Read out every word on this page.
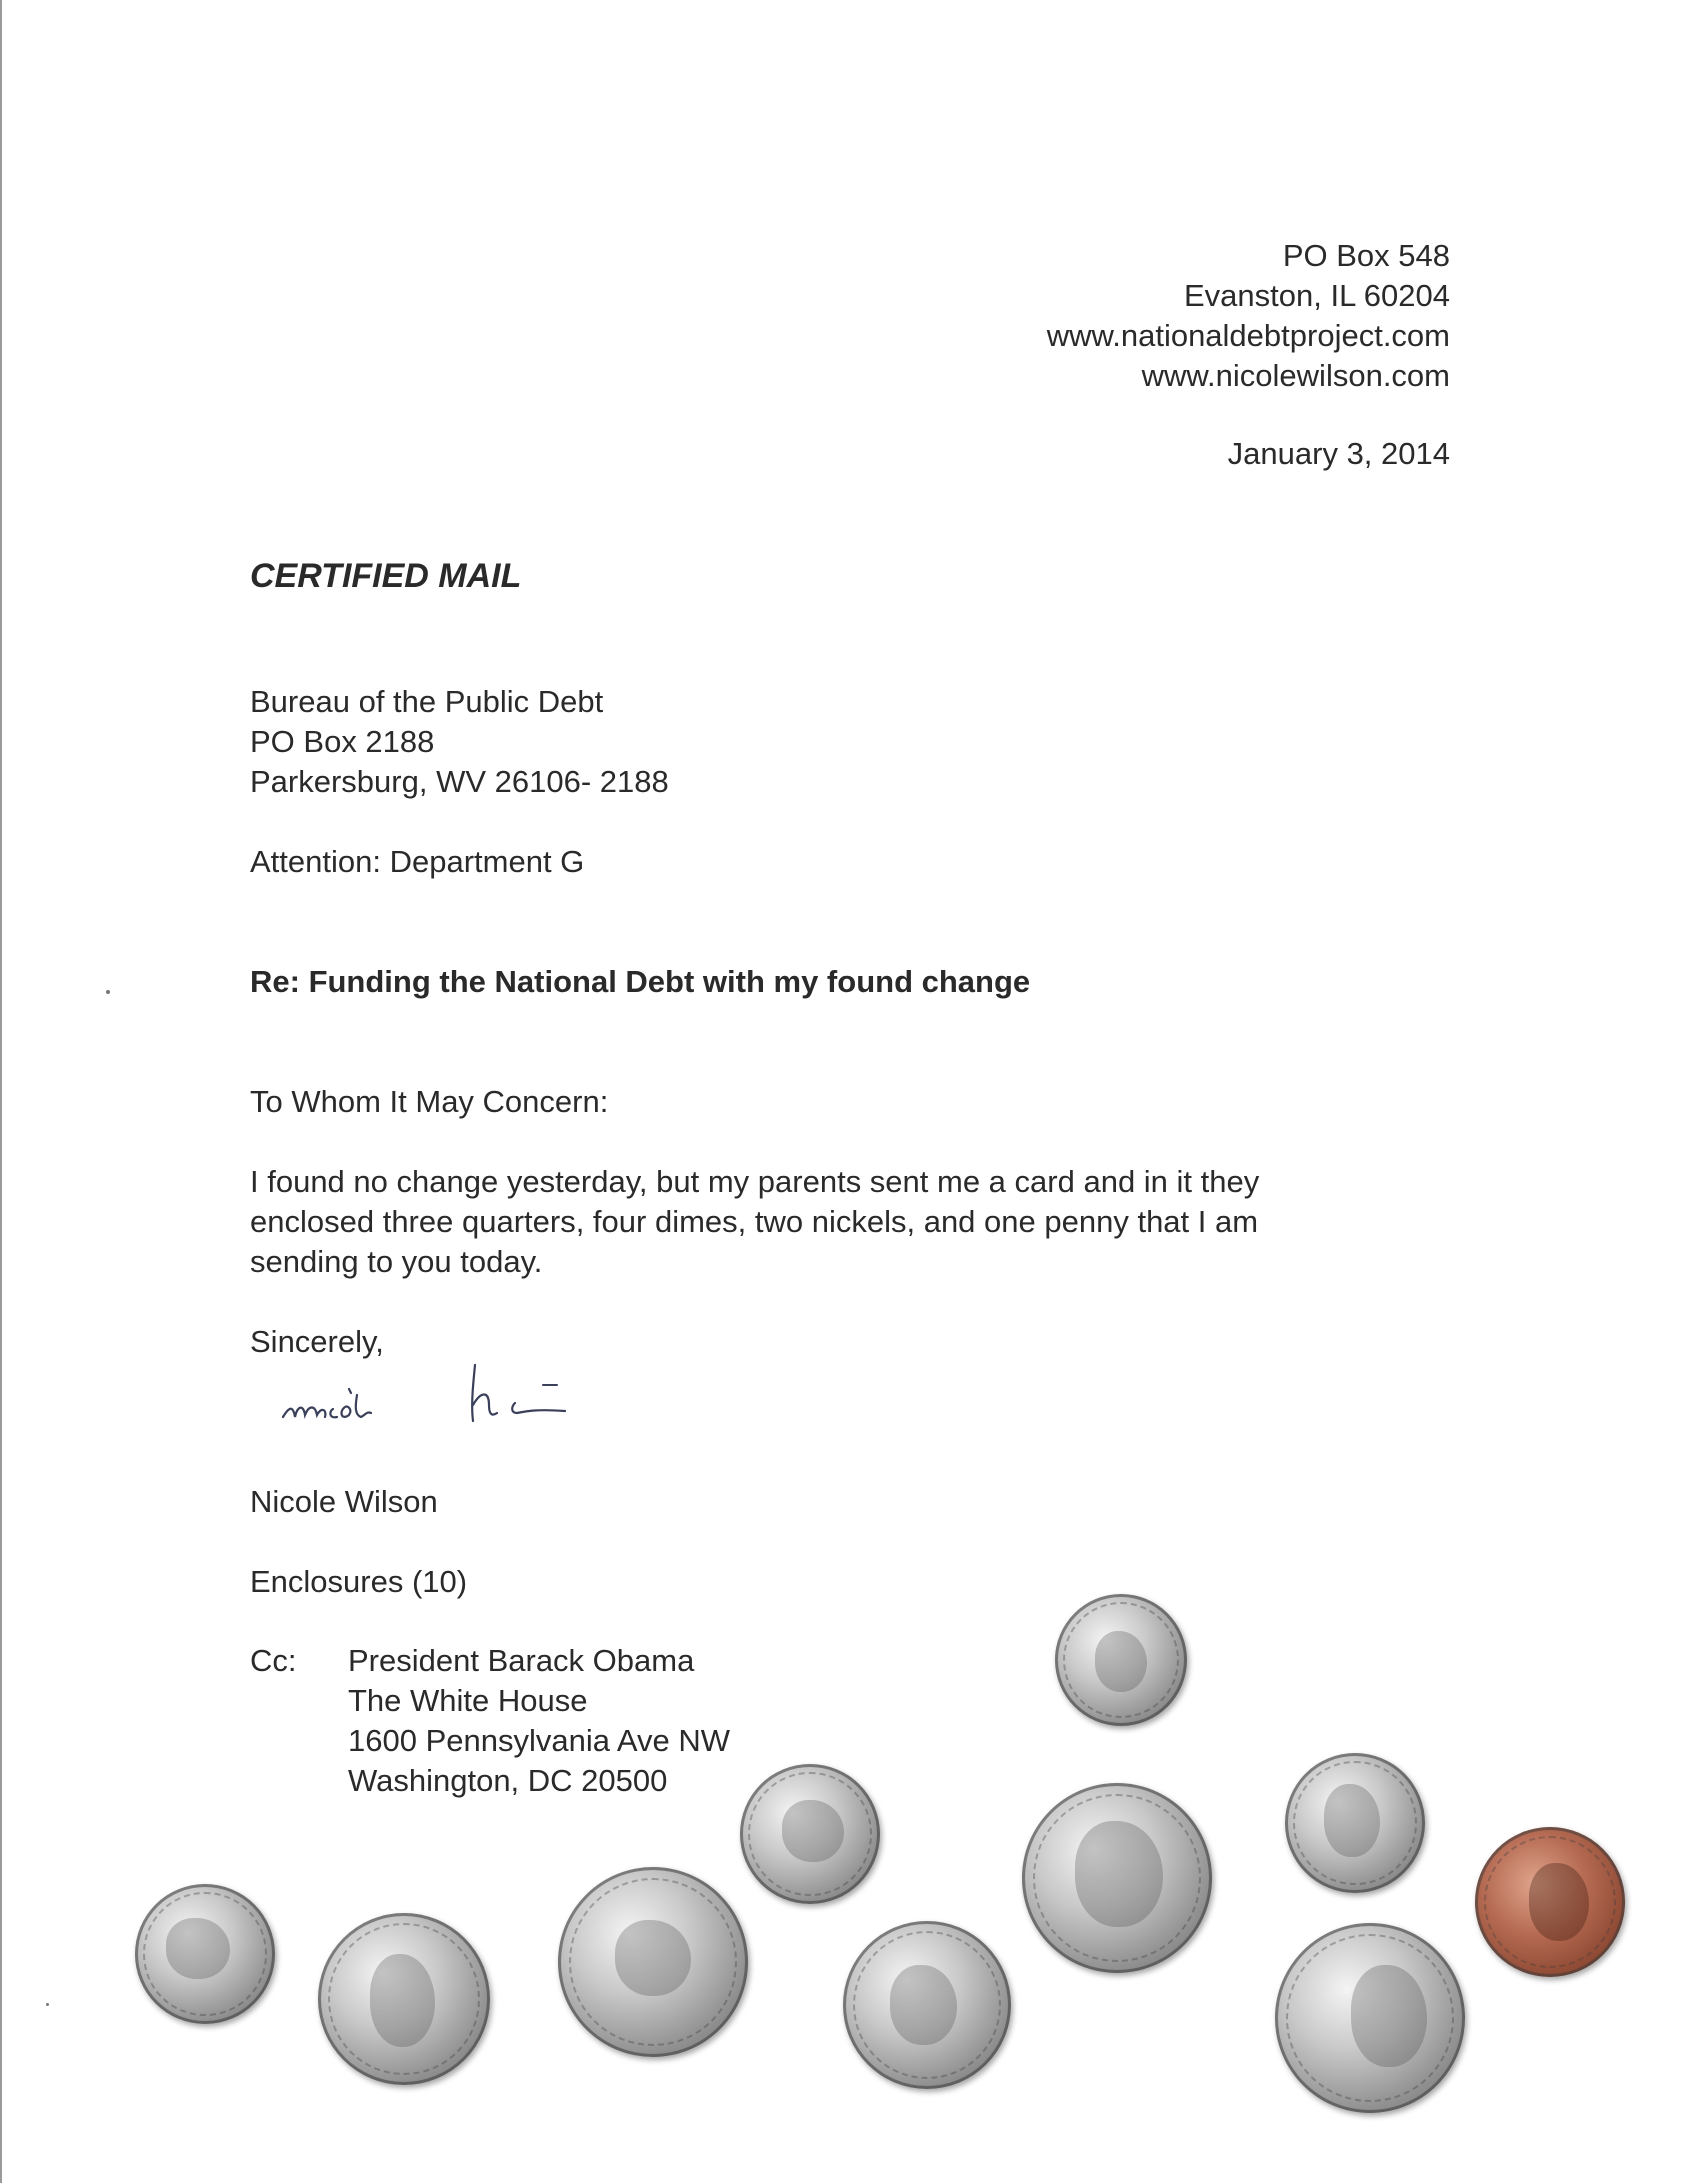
PO Box 548
Evanston, IL 60204
www.nationaldebtproject.com
www.nicolewilson.com
January 3, 2014
CERTIFIED MAIL
Bureau of the Public Debt
PO Box 2188
Parkersburg, WV 26106- 2188
Attention: Department G
Re: Funding the National Debt with my found change
To Whom It May Concern:
I found no change yesterday, but my parents sent me a card and in it they
enclosed three quarters, four dimes, two nickels, and one penny that I am
sending to you today.
Sincerely,
Nicole Wilson
Enclosures (10)
Cc: President Barack Obama
The White House
1600 Pennsylvania Ave NW
Washington, DC 20500
